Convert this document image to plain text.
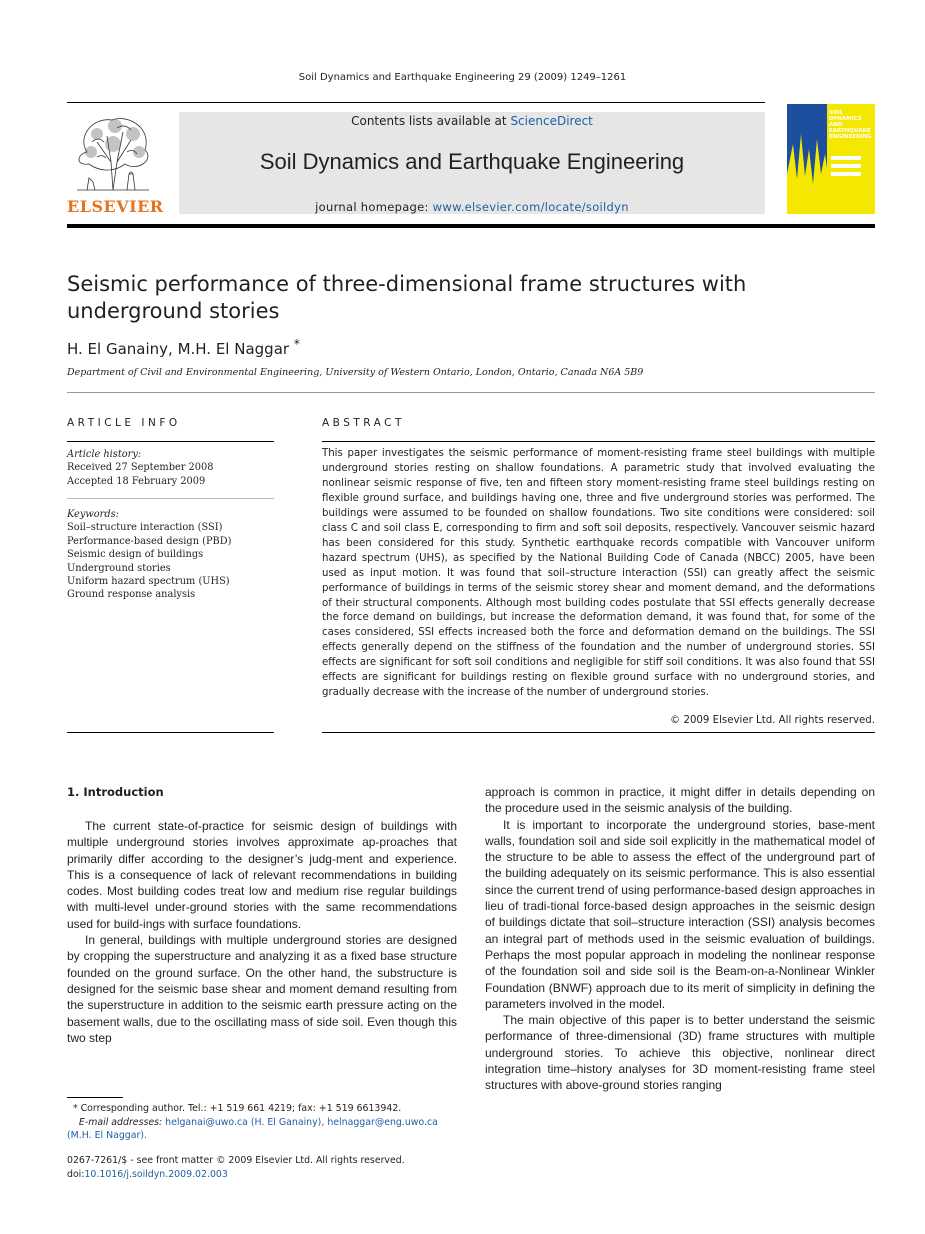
Soil Dynamics and Earthquake Engineering 29 (2009) 1249–1261
ELSEVIER
Contents lists available at ScienceDirect
Soil Dynamics and Earthquake Engineering
journal homepage: www.elsevier.com/locate/soildyn
SOIL
DYNAMICS
AND
EARTHQUAKE
ENGINEERING
Seismic performance of three-dimensional frame structures with underground stories
H. El Ganainy, M.H. El Naggar *
Department of Civil and Environmental Engineering, University of Western Ontario, London, Ontario, Canada N6A 5B9
ARTICLE INFO
Article history:
Received 27 September 2008
Accepted 18 February 2009
Keywords:
Soil–structure interaction (SSI)
Performance-based design (PBD)
Seismic design of buildings
Underground stories
Uniform hazard spectrum (UHS)
Ground response analysis
ABSTRACT
This paper investigates the seismic performance of moment-resisting frame steel buildings with multiple underground stories resting on shallow foundations. A parametric study that involved evaluating the nonlinear seismic response of five, ten and fifteen story moment-resisting frame steel buildings resting on flexible ground surface, and buildings having one, three and five underground stories was performed. The buildings were assumed to be founded on shallow foundations. Two site conditions were considered: soil class C and soil class E, corresponding to firm and soft soil deposits, respectively. Vancouver seismic hazard has been considered for this study. Synthetic earthquake records compatible with Vancouver uniform hazard spectrum (UHS), as specified by the National Building Code of Canada (NBCC) 2005, have been used as input motion. It was found that soil–structure interaction (SSI) can greatly affect the seismic performance of buildings in terms of the seismic storey shear and moment demand, and the deformations of their structural components. Although most building codes postulate that SSI effects generally decrease the force demand on buildings, but increase the deformation demand, it was found that, for some of the cases considered, SSI effects increased both the force and deformation demand on the buildings. The SSI effects generally depend on the stiffness of the foundation and the number of underground stories. SSI effects are significant for soft soil conditions and negligible for stiff soil conditions. It was also found that SSI effects are significant for buildings resting on flexible ground surface with no underground stories, and gradually decrease with the increase of the number of underground stories.
© 2009 Elsevier Ltd. All rights reserved.
1. Introduction

The current state-of-practice for seismic design of buildings with multiple underground stories involves approximate ap-proaches that primarily differ according to the designer’s judg-ment and experience. This is a consequence of lack of relevant recommendations in building codes. Most building codes treat low and medium rise regular buildings with multi-level under-ground stories with the same recommendations used for build-ings with surface foundations.

In general, buildings with multiple underground stories are designed by cropping the superstructure and analyzing it as a fixed base structure founded on the ground surface. On the other hand, the substructure is designed for the seismic base shear and moment demand resulting from the superstructure in addition to the seismic earth pressure acting on the basement walls, due to the oscillating mass of side soil. Even though this two step

approach is common in practice, it might differ in details depending on the procedure used in the seismic analysis of the building.

It is important to incorporate the underground stories, base-ment walls, foundation soil and side soil explicitly in the mathematical model of the structure to be able to assess the effect of the underground part of the building adequately on its seismic performance. This is also essential since the current trend of using performance-based design approaches in lieu of tradi-tional force-based design approaches in the seismic design of buildings dictate that soil–structure interaction (SSI) analysis becomes an integral part of methods used in the seismic evaluation of buildings. Perhaps the most popular approach in modeling the nonlinear response of the foundation soil and side soil is the Beam-on-a-Nonlinear Winkler Foundation (BNWF) approach due to its merit of simplicity in defining the parameters involved in the model.

The main objective of this paper is to better understand the seismic performance of three-dimensional (3D) frame structures with multiple underground stories. To achieve this objective, nonlinear direct integration time–history analyses for 3D moment-resisting frame steel structures with above-ground stories ranging

* Corresponding author. Tel.: +1 519 661 4219; fax: +1 519 6613942.
E-mail addresses: helganai@uwo.ca (H. El Ganainy), helnaggar@eng.uwo.ca (M.H. El Naggar).
0267-7261/$ - see front matter © 2009 Elsevier Ltd. All rights reserved.
doi:10.1016/j.soildyn.2009.02.003
